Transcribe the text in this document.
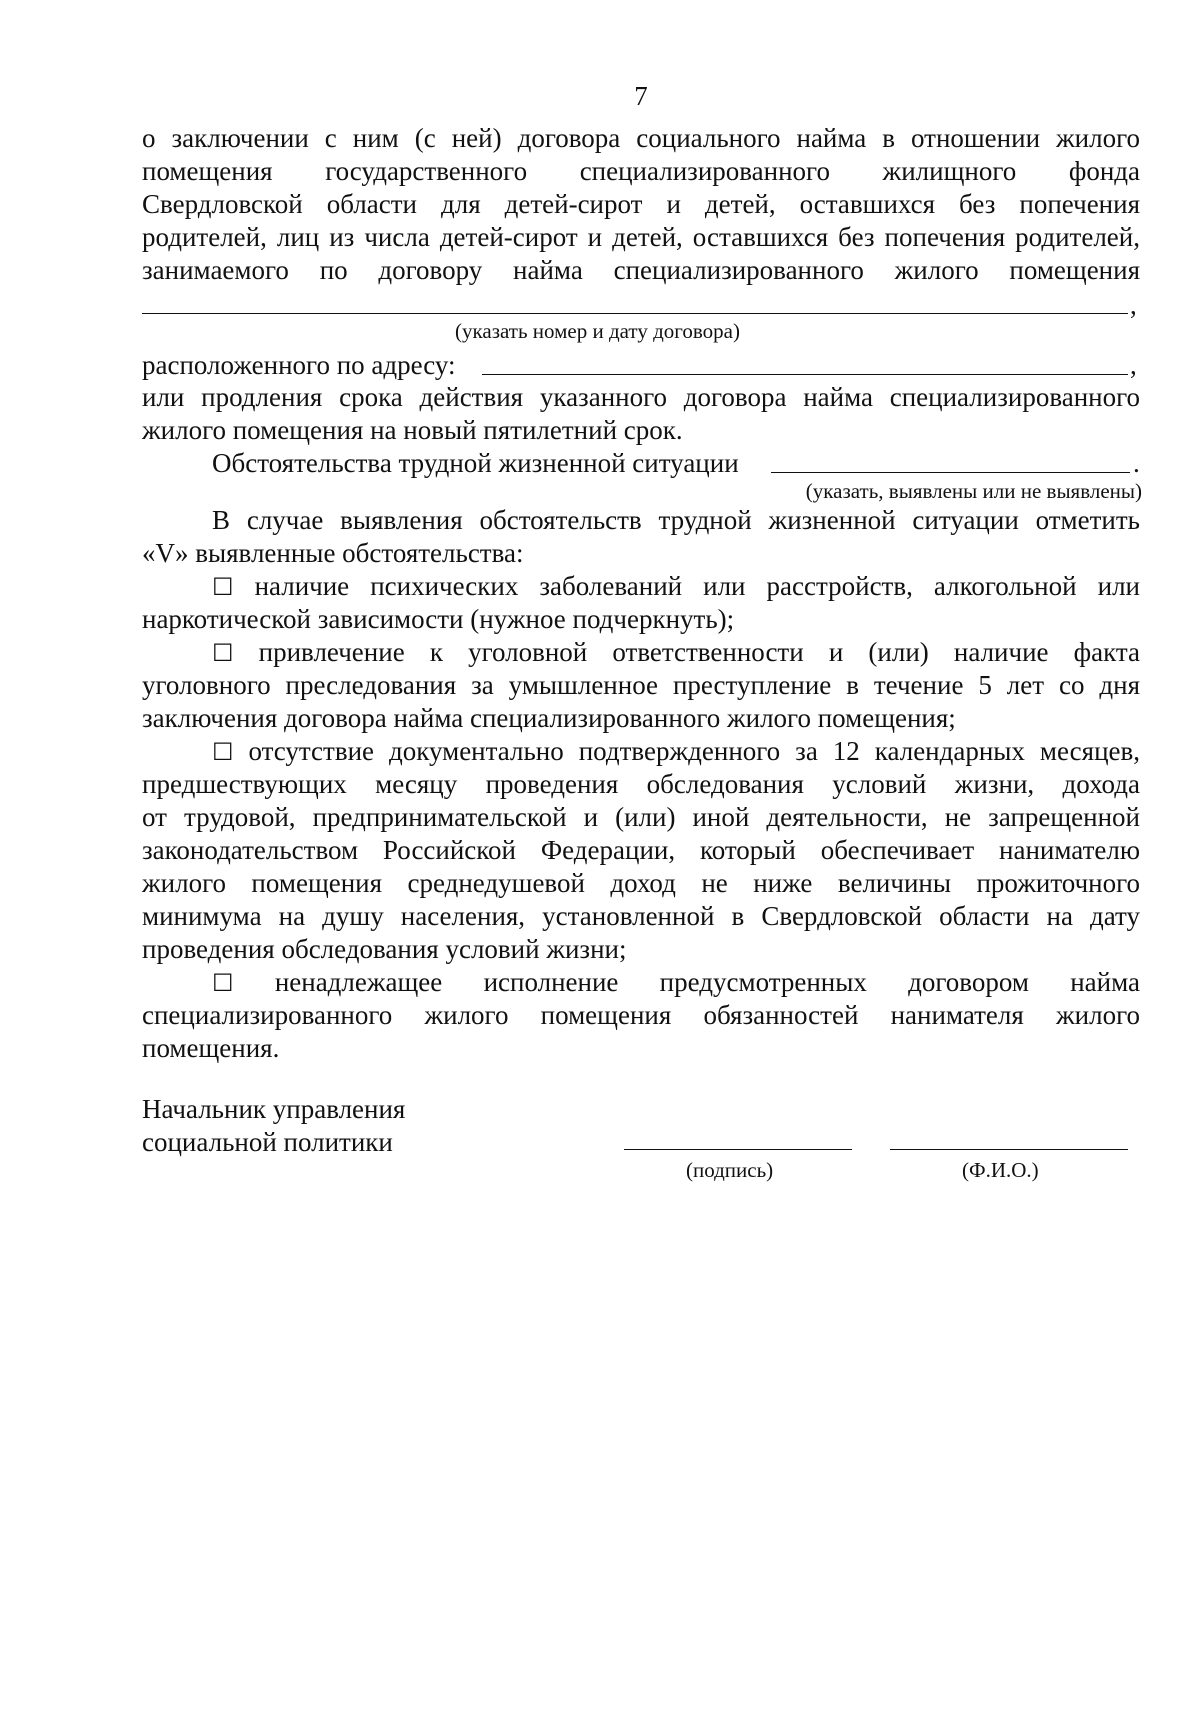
7
о заключении с ним (с ней) договора социального найма в отношении жилого
помещения государственного специализированного жилищного фонда
Свердловской области для детей-сирот и детей, оставшихся без попечения
родителей, лиц из числа детей-сирот и детей, оставшихся без попечения родителей,
занимаемого по договору найма специализированного жилого помещения
,
(указать номер и дату договора)
расположенного по адресу:	,
или продления срока действия указанного договора найма специализированного
жилого помещения на новый пятилетний срок.
Обстоятельства трудной жизненной ситуации	.
(указать, выявлены или не выявлены)
В случае выявления обстоятельств трудной жизненной ситуации отметить
«V» выявленные обстоятельства:
☐ наличие психических заболеваний или расстройств, алкогольной или
наркотической зависимости (нужное подчеркнуть);
☐ привлечение к уголовной ответственности и (или) наличие факта
уголовного преследования за умышленное преступление в течение 5 лет со дня
заключения договора найма специализированного жилого помещения;
☐ отсутствие документально подтвержденного за 12 календарных месяцев,
предшествующих месяцу проведения обследования условий жизни, дохода
от трудовой, предпринимательской и (или) иной деятельности, не запрещенной
законодательством Российской Федерации, который обеспечивает нанимателю
жилого помещения среднедушевой доход не ниже величины прожиточного
минимума на душу населения, установленной в Свердловской области на дату
проведения обследования условий жизни;
☐ ненадлежащее исполнение предусмотренных договором найма
специализированного жилого помещения обязанностей нанимателя жилого
помещения.
Начальник управления
социальной политики
(подпись)	(Ф.И.О.)
